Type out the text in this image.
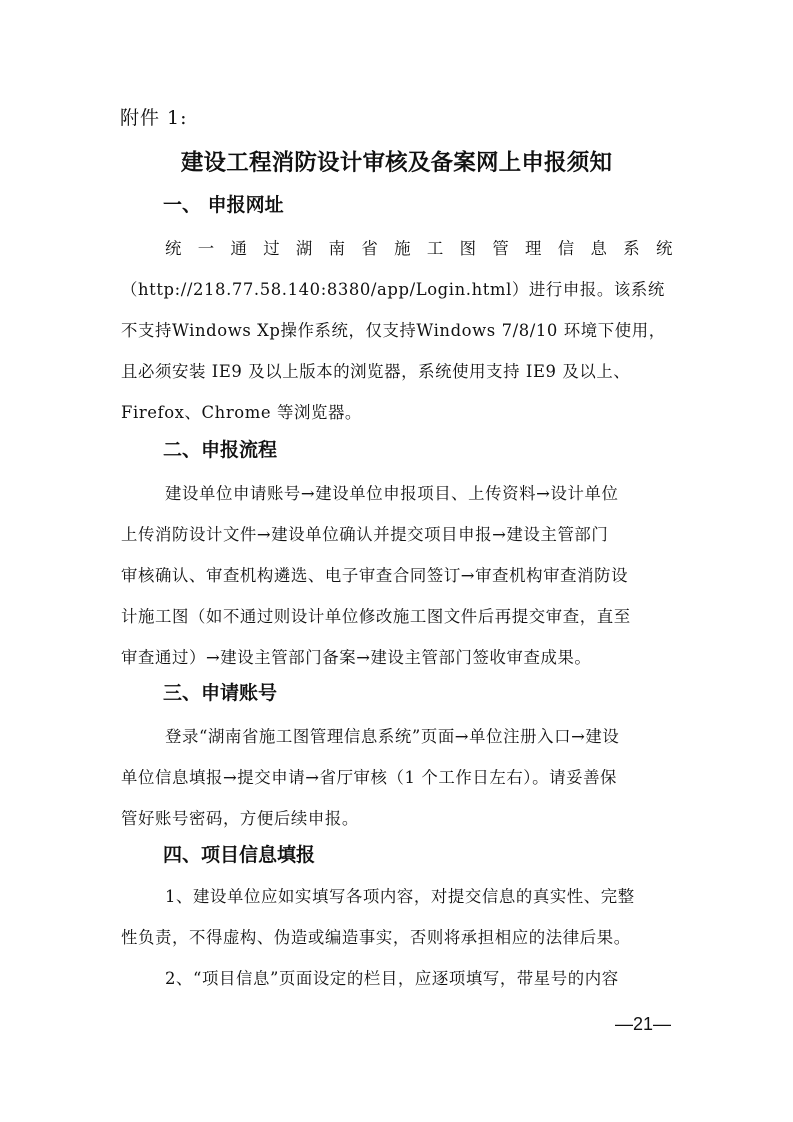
附件 1:
建设工程消防设计审核及备案网上申报须知
一、 申报网址
统 一 通 过 湖 南 省 施 工 图 管 理 信 息 系 统
（http://218.77.58.140:8380/app/Login.html）进行申报。该系统
不支持Windows Xp操作系统，仅支持Windows 7/8/10 环境下使用，
且必须安装 IE9 及以上版本的浏览器，系统使用支持 IE9 及以上、
Firefox、Chrome 等浏览器。
二、申报流程
建设单位申请账号→建设单位申报项目、上传资料→设计单位
上传消防设计文件→建设单位确认并提交项目申报→建设主管部门
审核确认、审查机构遴选、电子审查合同签订→审查机构审查消防设
计施工图（如不通过则设计单位修改施工图文件后再提交审查，直至
审查通过）→建设主管部门备案→建设主管部门签收审查成果。
三、申请账号
登录“湖南省施工图管理信息系统”页面→单位注册入口→建设
单位信息填报→提交申请→省厅审核（1 个工作日左右）。请妥善保
管好账号密码，方便后续申报。
四、项目信息填报
1、建设单位应如实填写各项内容，对提交信息的真实性、完整
性负责，不得虚构、伪造或编造事实，否则将承担相应的法律后果。
2、“项目信息”页面设定的栏目，应逐项填写，带星号的内容
—21—
